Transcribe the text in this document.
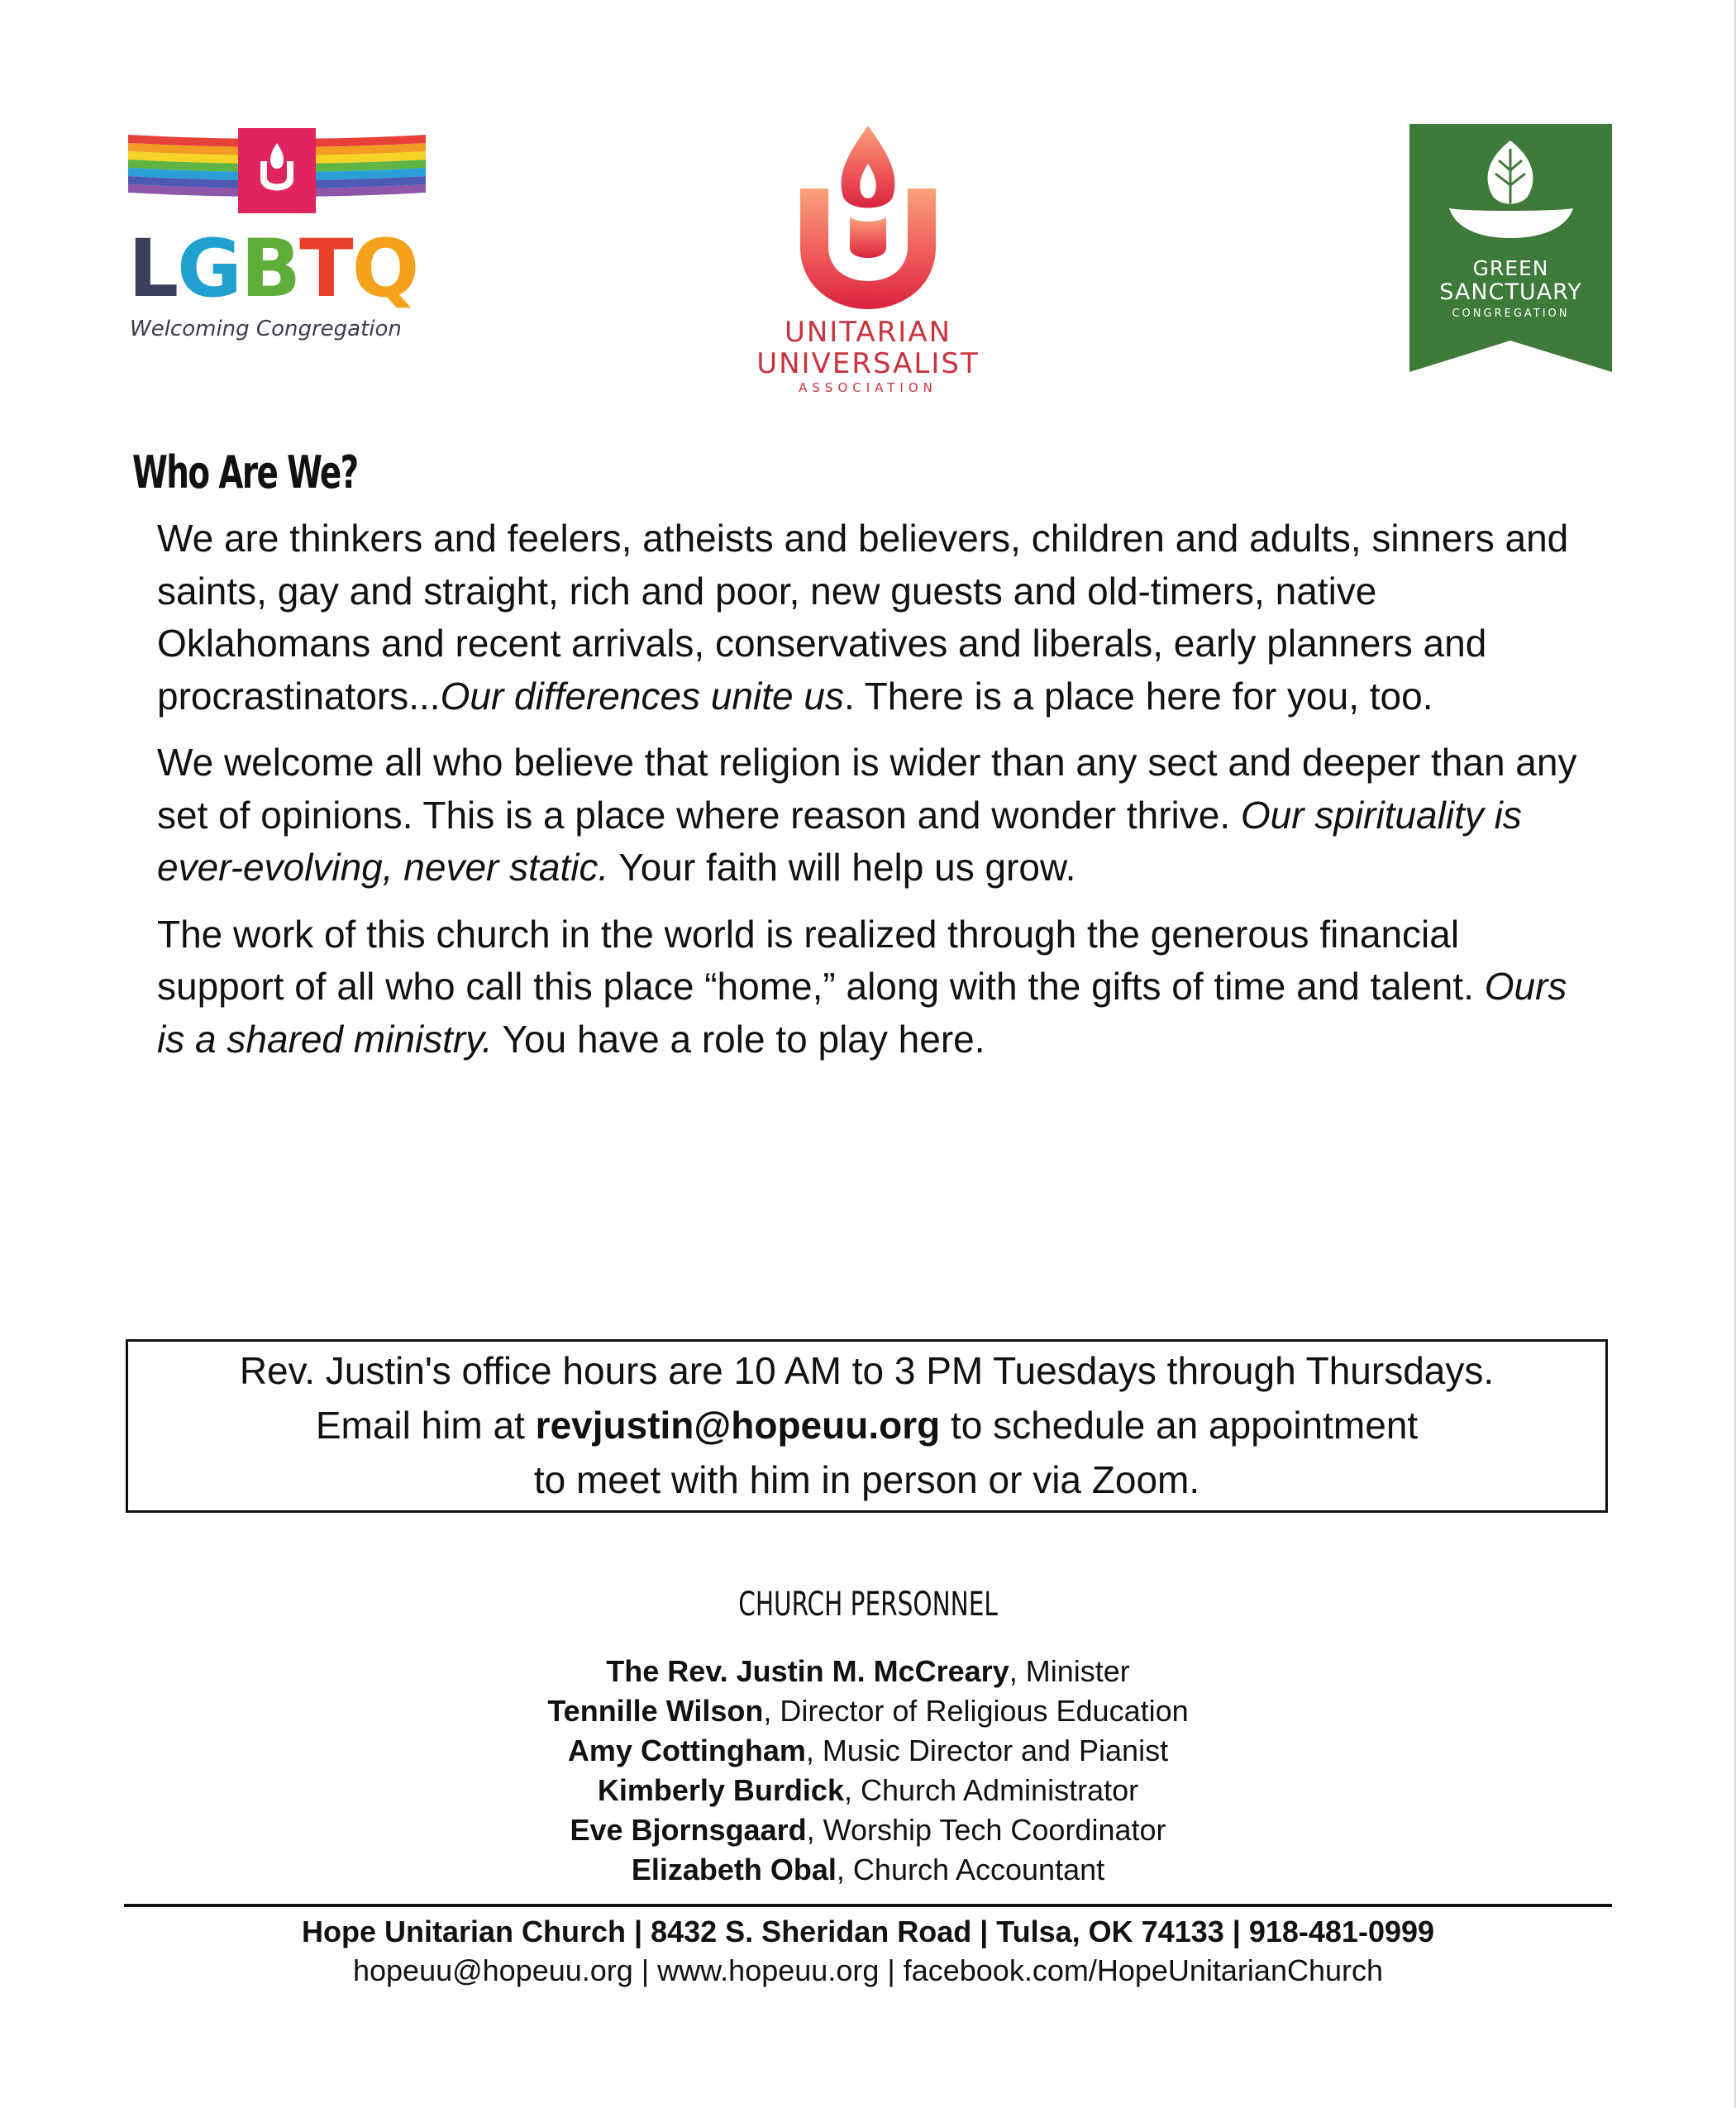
LGBTQ
Welcoming Congregation	UNITARIAN
UNIVERSALIST
ASSOCIATION
GREEN
SANCTUARY
CONGREGATION
Who Are We?

We are thinkers and feelers, atheists and believers, children and adults, sinners and saints, gay and straight, rich and poor, new guests and old-timers, native Oklahomans and recent arrivals, conservatives and liberals, early planners and procrastinators...Our differences unite us. There is a place here for you, too.

We welcome all who believe that religion is wider than any sect and deeper than any set of opinions. This is a place where reason and wonder thrive. Our spirituality is ever-evolving, never static. Your faith will help us grow.

The work of this church in the world is realized through the generous financial support of all who call this place “home,” along with the gifts of time and talent. Ours is a shared ministry. You have a role to play here.

Rev. Justin's office hours are 10 AM to 3 PM Tuesdays through Thursdays.
Email him at revjustin@hopeuu.org to schedule an appointment
to meet with him in person or via Zoom.
CHURCH PERSONNEL
The Rev. Justin M. McCreary, Minister
Tennille Wilson, Director of Religious Education
Amy Cottingham, Music Director and Pianist
Kimberly Burdick, Church Administrator
Eve Bjornsgaard, Worship Tech Coordinator
Elizabeth Obal, Church Accountant
Hope Unitarian Church | 8432 S. Sheridan Road | Tulsa, OK 74133 | 918-481-0999
hopeuu@hopeuu.org | www.hopeuu.org | facebook.com/HopeUnitarianChurch
